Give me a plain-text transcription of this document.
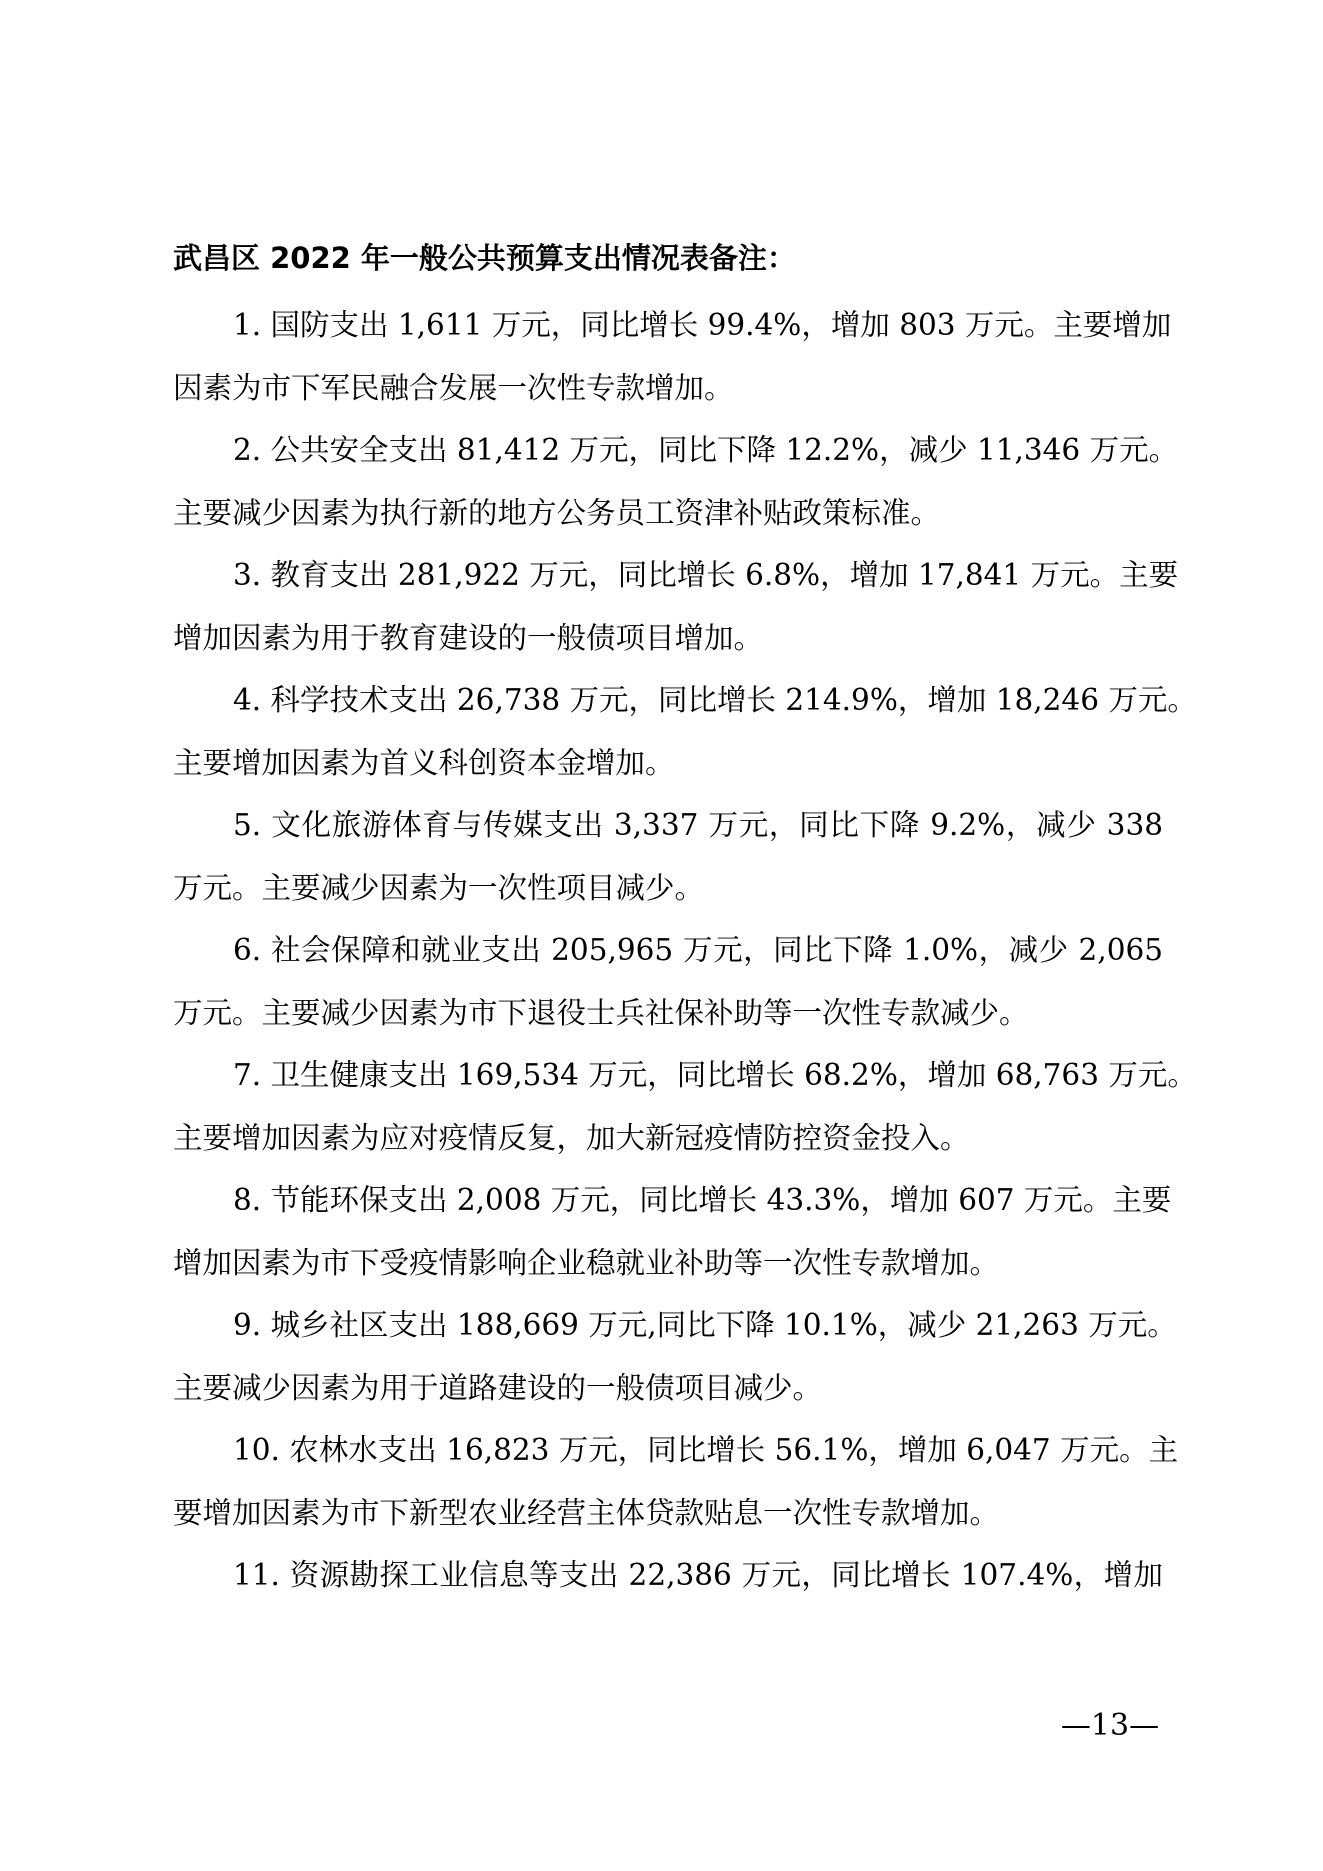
武昌区 2022 年一般公共预算支出情况表备注：
1. 国防支出 1,611 万元，同比增长 99.4%，增加 803 万元。主要增加
因素为市下军民融合发展一次性专款增加。
2. 公共安全支出 81,412 万元，同比下降 12.2%，减少 11,346 万元。
主要减少因素为执行新的地方公务员工资津补贴政策标准。
3. 教育支出 281,922 万元，同比增长 6.8%，增加 17,841 万元。主要
增加因素为用于教育建设的一般债项目增加。
4. 科学技术支出 26,738 万元，同比增长 214.9%，增加 18,246 万元。
主要增加因素为首义科创资本金增加。
5. 文化旅游体育与传媒支出 3,337 万元，同比下降 9.2%，减少 338
万元。主要减少因素为一次性项目减少。
6. 社会保障和就业支出 205,965 万元，同比下降 1.0%，减少 2,065
万元。主要减少因素为市下退役士兵社保补助等一次性专款减少。
7. 卫生健康支出 169,534 万元，同比增长 68.2%，增加 68,763 万元。
主要增加因素为应对疫情反复，加大新冠疫情防控资金投入。
8. 节能环保支出 2,008 万元，同比增长 43.3%，增加 607 万元。主要
增加因素为市下受疫情影响企业稳就业补助等一次性专款增加。
9. 城乡社区支出 188,669 万元,同比下降 10.1%，减少 21,263 万元。
主要减少因素为用于道路建设的一般债项目减少。
10. 农林水支出 16,823 万元，同比增长 56.1%，增加 6,047 万元。主
要增加因素为市下新型农业经营主体贷款贴息一次性专款增加。
11. 资源勘探工业信息等支出 22,386 万元，同比增长 107.4%，增加
—13—
